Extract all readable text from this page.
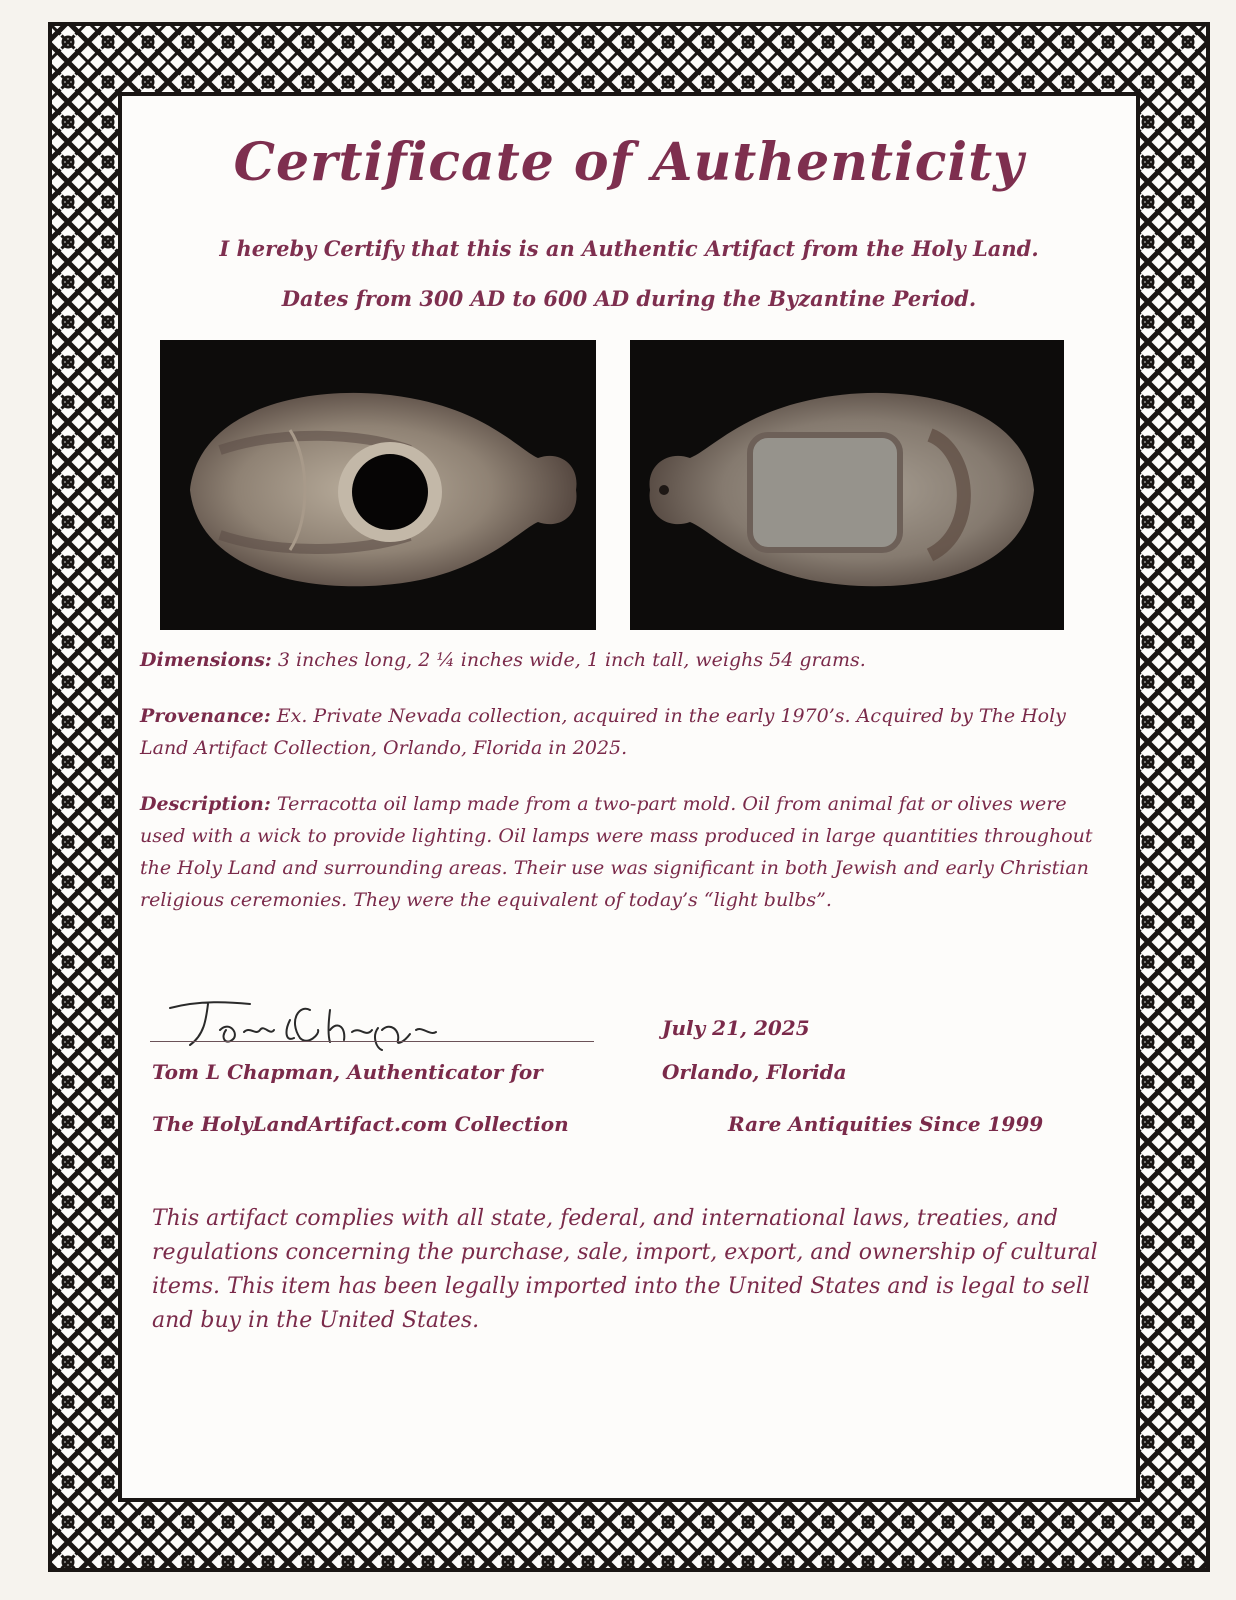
Certificate of Authenticity

I hereby Certify that this is an Authentic Artifact from the Holy Land.

Dates from 300 AD to 600 AD during the Byzantine Period.

Dimensions: 3 inches long, 2 ¼ inches wide, 1 inch tall, weighs 54 grams.

Provenance: Ex. Private Nevada collection, acquired in the early 1970’s. Acquired by The Holy Land Artifact Collection, Orlando, Florida in 2025.

Description: Terracotta oil lamp made from a two-part mold. Oil from animal fat or olives were used with a wick to provide lighting. Oil lamps were mass produced in large quantities throughout the Holy Land and surrounding areas. Their use was significant in both Jewish and early Christian religious ceremonies. They were the equivalent of today’s “light bulbs”.

Tom L Chapman, Authenticator for

The HolyLandArtifact.com Collection

July 21, 2025

Orlando, Florida

Rare Antiquities Since 1999

This artifact complies with all state, federal, and international laws, treaties, and regulations concerning the purchase, sale, import, export, and ownership of cultural items. This item has been legally imported into the United States and is legal to sell and buy in the United States.
